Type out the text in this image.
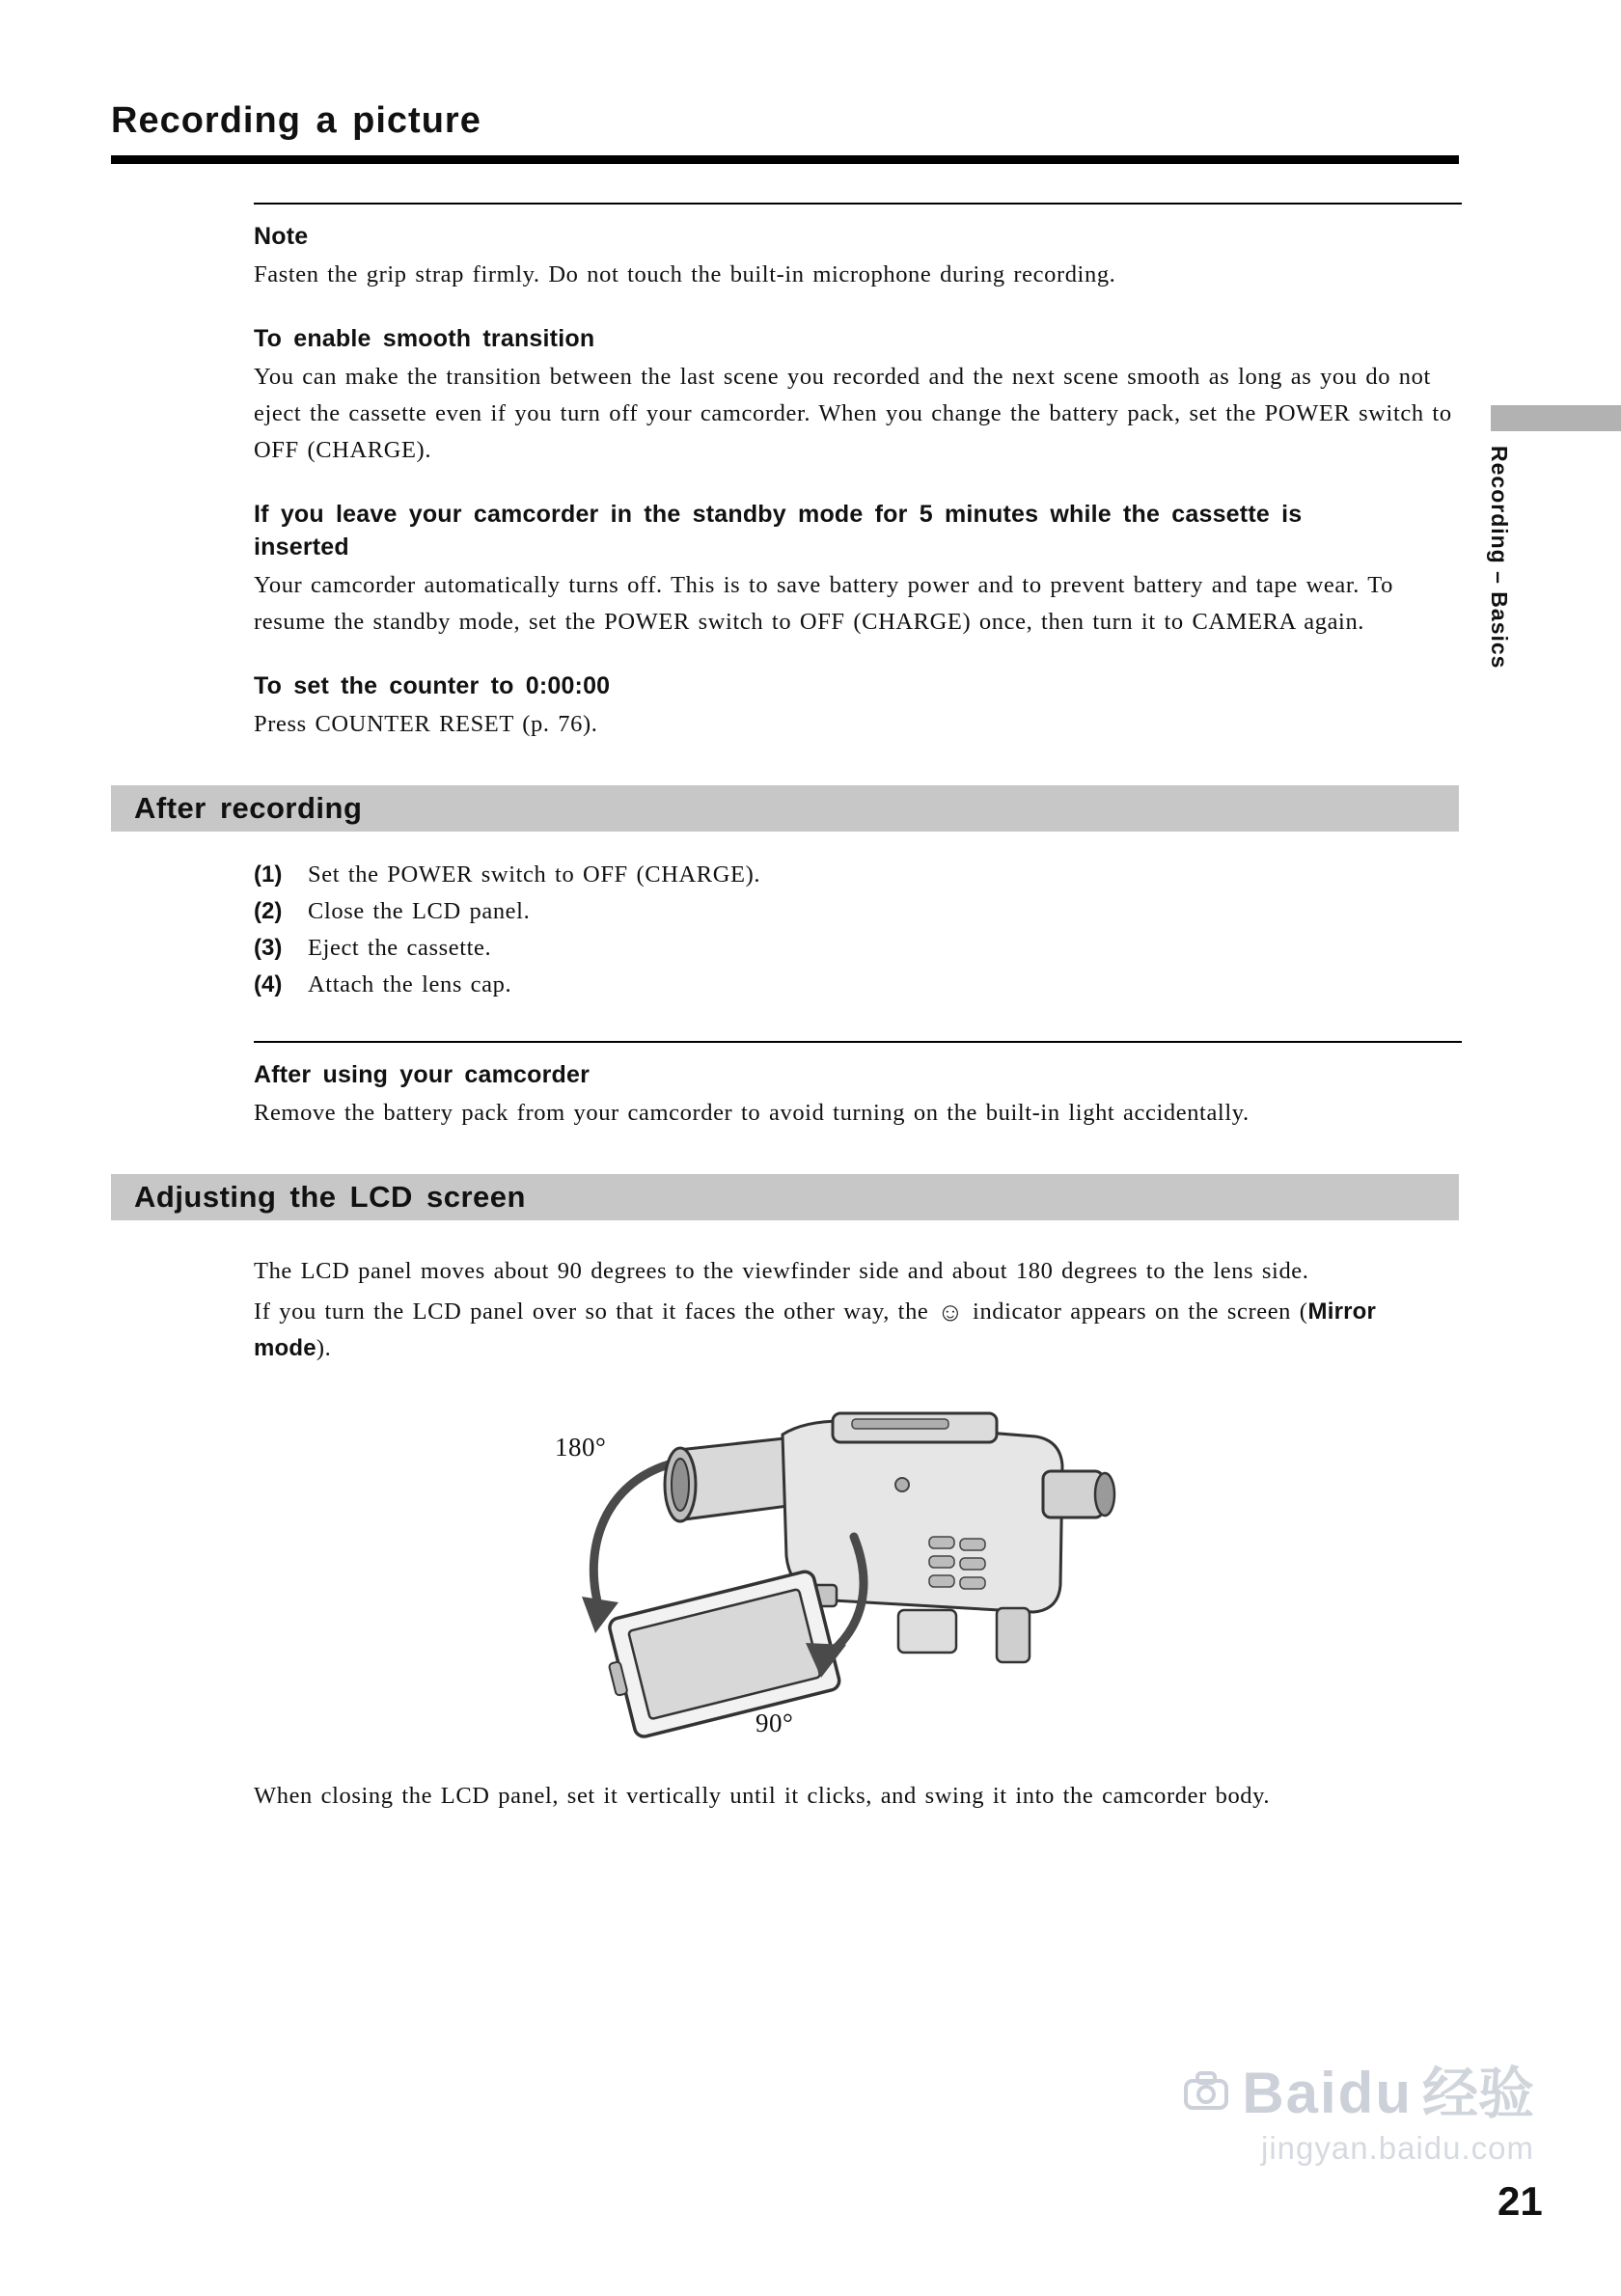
Recording a picture
Note

Fasten the grip strap firmly. Do not touch the built-in microphone during recording.

To enable smooth transition

You can make the transition between the last scene you recorded and the next scene smooth as long as you do not eject the cassette even if you turn off your camcorder. When you change the battery pack, set the POWER switch to OFF (CHARGE).

If you leave your camcorder in the standby mode for 5 minutes while the cassette is inserted

Your camcorder automatically turns off. This is to save battery power and to prevent battery and tape wear. To resume the standby mode, set the POWER switch to OFF (CHARGE) once, then turn it to CAMERA again.

To set the counter to 0:00:00

Press COUNTER RESET (p. 76).

After recording
(1)	Set the POWER switch to OFF (CHARGE).
(2)	Close the LCD panel.
(3)	Eject the cassette.
(4)	Attach the lens cap.
After using your camcorder

Remove the battery pack from your camcorder to avoid turning on the built-in light accidentally.

Adjusting the LCD screen

The LCD panel moves about 90 degrees to the viewfinder side and about 180 degrees to the lens side.

If you turn the LCD panel over so that it faces the other way, the ☺ indicator appears on the screen (Mirror mode).

180°
90°

When closing the LCD panel, set it vertically until it clicks, and swing it into the camcorder body.

Recording – Basics
Baidu 经验
jingyan.baidu.com
21
